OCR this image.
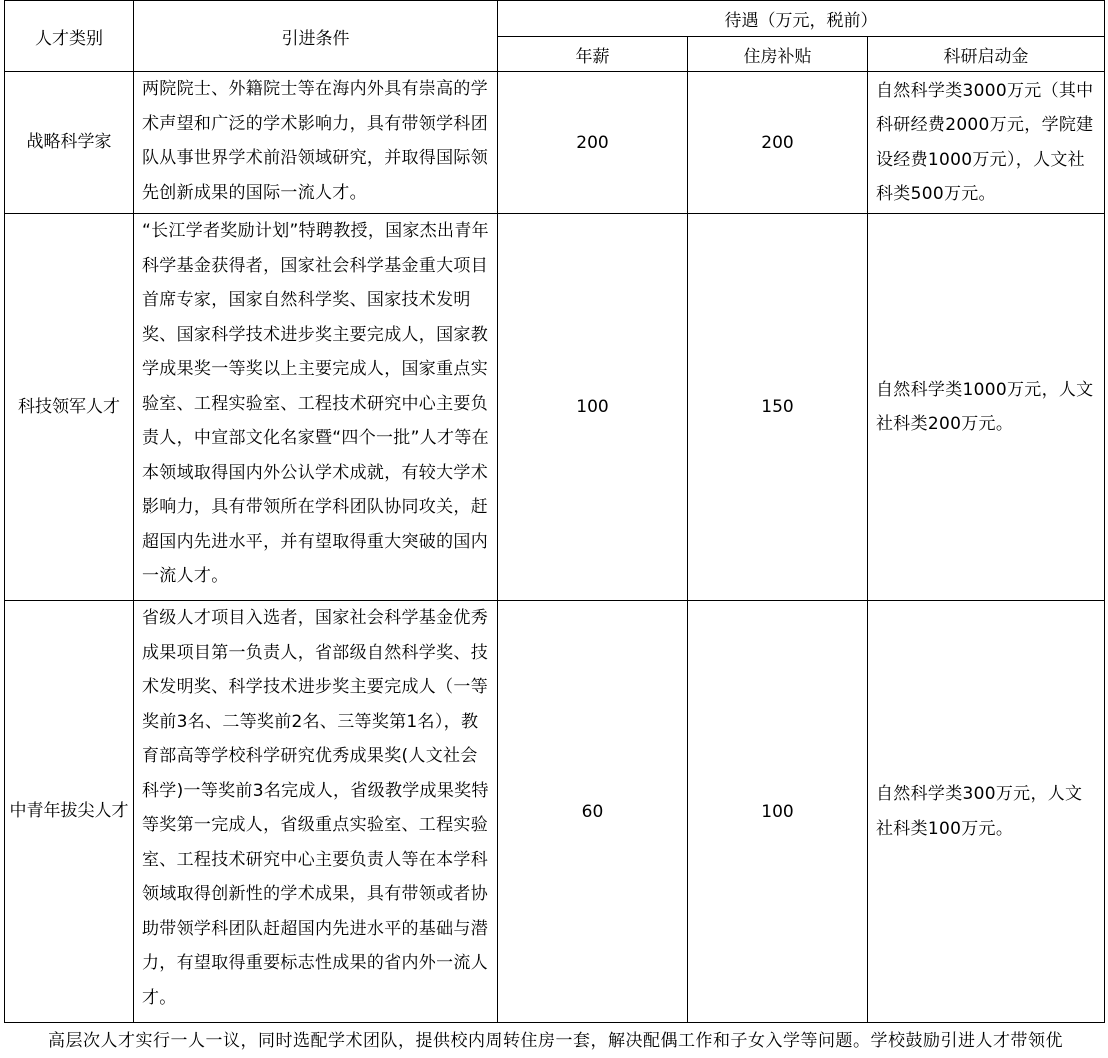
人才类别	引进条件	待遇（万元，税前）		
		年薪	住房补贴	科研启动金
战略科学家	两院院士、外籍院士等在海内外具有崇高的学术声望和广泛的学术影响力，具有带领学科团队从事世界学术前沿领域研究，并取得国际领先创新成果的国际一流人才。	200	200	自然科学类3000万元（其中科研经费2000万元，学院建设经费1000万元），人文社科类500万元。
科技领军人才	“长江学者奖励计划”特聘教授，国家杰出青年科学基金获得者，国家社会科学基金重大项目首席专家，国家自然科学奖、国家技术发明奖、国家科学技术进步奖主要完成人，国家教学成果奖一等奖以上主要完成人，国家重点实验室、工程实验室、工程技术研究中心主要负责人，中宣部文化名家暨“四个一批”人才等在本领域取得国内外公认学术成就，有较大学术影响力，具有带领所在学科团队协同攻关，赶超国内先进水平，并有望取得重大突破的国内一流人才。	100	150	自然科学类1000万元，人文社科类200万元。
中青年拔尖人才	省级人才项目入选者，国家社会科学基金优秀成果项目第一负责人，省部级自然科学奖、技术发明奖、科学技术进步奖主要完成人（一等奖前3名、二等奖前2名、三等奖第1名），教育部高等学校科学研究优秀成果奖(人文社会科学)一等奖前3名完成人，省级教学成果奖特等奖第一完成人，省级重点实验室、工程实验室、工程技术研究中心主要负责人等在本学科领域取得创新性的学术成果，具有带领或者协助带领学科团队赶超国内先进水平的基础与潜力，有望取得重要标志性成果的省内外一流人才。	60	100	自然科学类300万元，人文社科类100万元。
高层次人才实行一人一议，同时选配学术团队，提供校内周转住房一套，解决配偶工作和子女入学等问题。学校鼓励引进人才带领优
